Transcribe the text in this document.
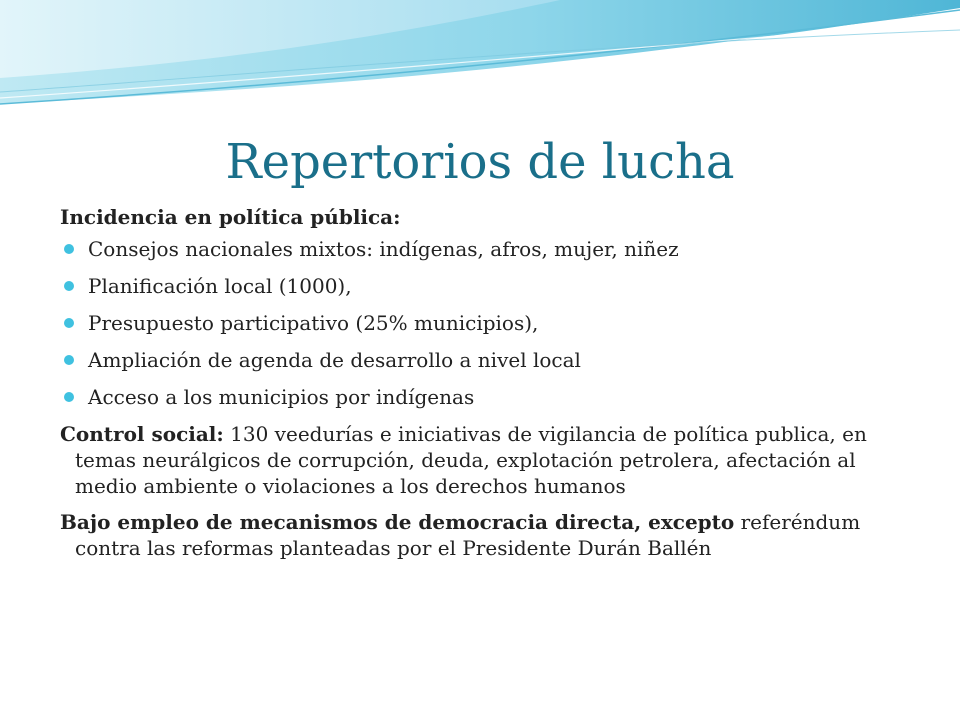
Repertorios de lucha

Incidencia en política pública:

Consejos nacionales mixtos: indígenas, afros, mujer, niñez
Planificación local (1000),
Presupuesto participativo (25% municipios),
Ampliación de agenda de desarrollo a nivel local
Acceso a los municipios por indígenas

Control social: 130 veedurías e iniciativas de vigilancia de política publica, en temas neurálgicos de corrupción, deuda, explotación petrolera, afectación al medio ambiente o violaciones a los derechos humanos

Bajo empleo de mecanismos de democracia directa, excepto referéndum contra las reformas planteadas por el Presidente Durán Ballén
